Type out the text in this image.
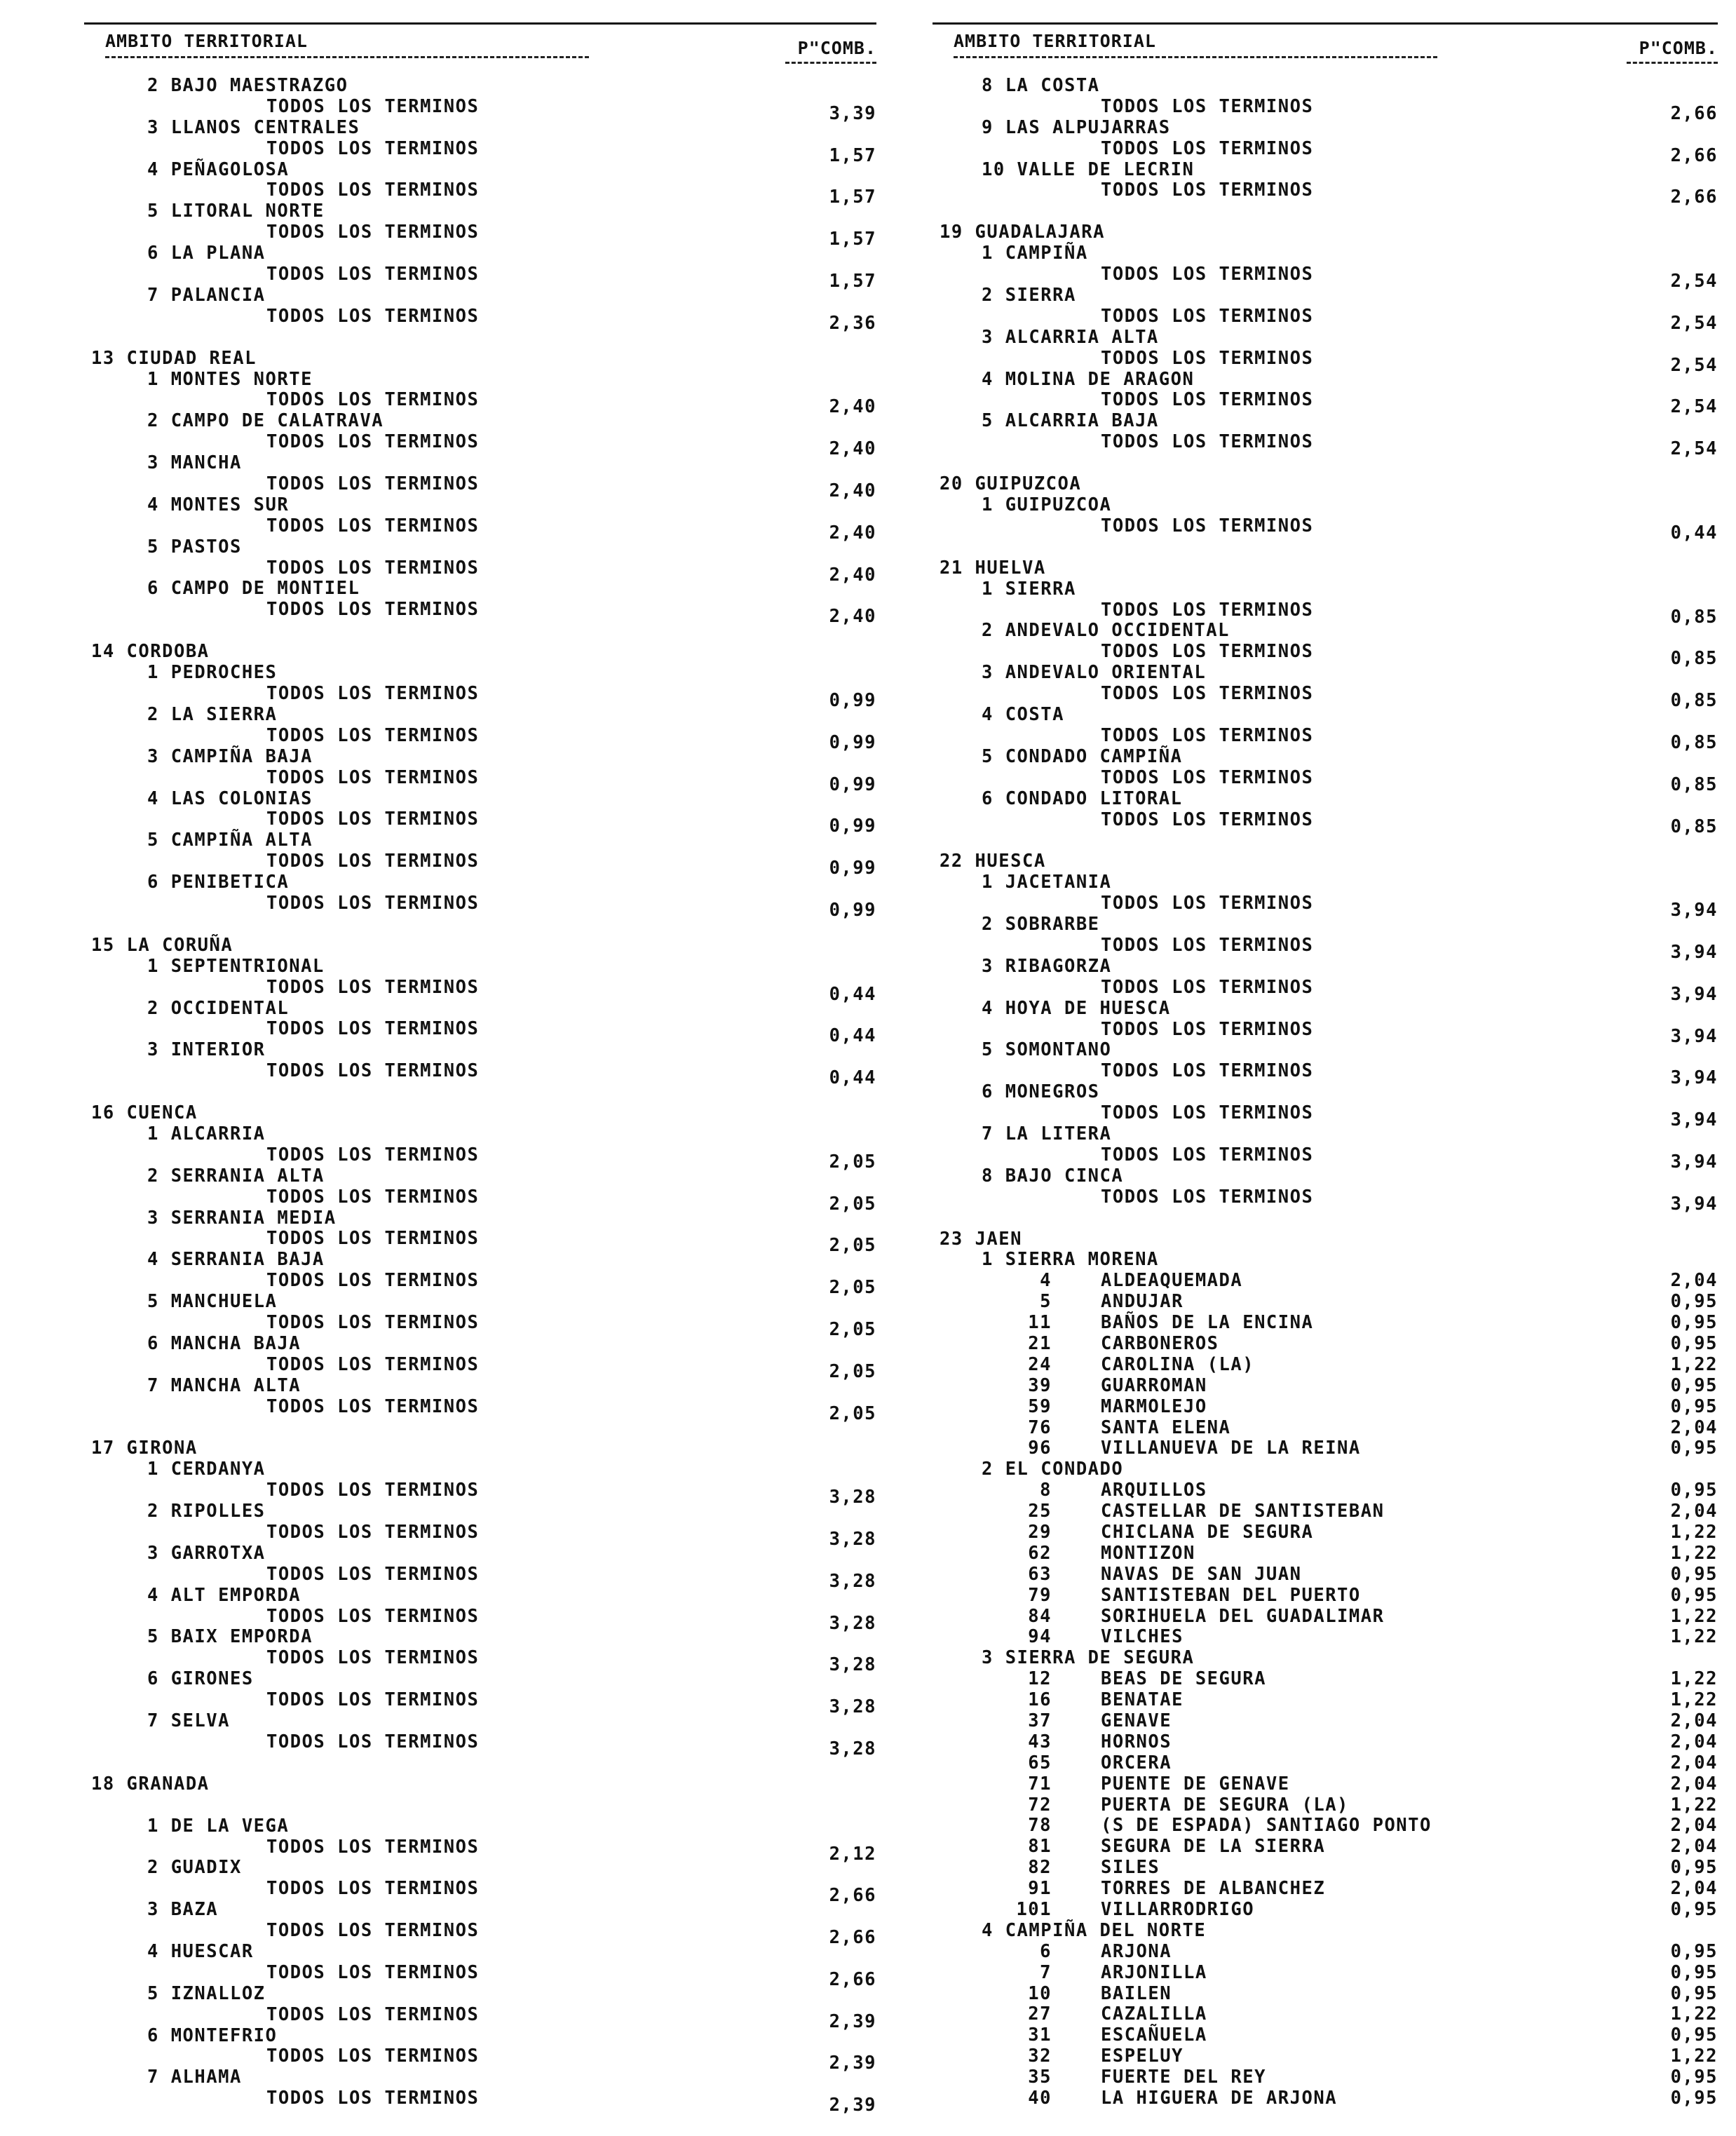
AMBITO TERRITORIAL	P"COMB.
2 BAJO MAESTRAZGO
TODOS LOS TERMINOS	3,39
3 LLANOS CENTRALES
TODOS LOS TERMINOS	1,57
4 PEÑAGOLOSA
TODOS LOS TERMINOS	1,57
5 LITORAL NORTE
TODOS LOS TERMINOS	1,57
6 LA PLANA
TODOS LOS TERMINOS	1,57
7 PALANCIA
TODOS LOS TERMINOS	2,36
13 CIUDAD REAL
1 MONTES NORTE
TODOS LOS TERMINOS	2,40
2 CAMPO DE CALATRAVA
TODOS LOS TERMINOS	2,40
3 MANCHA
TODOS LOS TERMINOS	2,40
4 MONTES SUR
TODOS LOS TERMINOS	2,40
5 PASTOS
TODOS LOS TERMINOS	2,40
6 CAMPO DE MONTIEL
TODOS LOS TERMINOS	2,40
14 CORDOBA
1 PEDROCHES
TODOS LOS TERMINOS	0,99
2 LA SIERRA
TODOS LOS TERMINOS	0,99
3 CAMPIÑA BAJA
TODOS LOS TERMINOS	0,99
4 LAS COLONIAS
TODOS LOS TERMINOS	0,99
5 CAMPIÑA ALTA
TODOS LOS TERMINOS	0,99
6 PENIBETICA
TODOS LOS TERMINOS	0,99
15 LA CORUÑA
1 SEPTENTRIONAL
TODOS LOS TERMINOS	0,44
2 OCCIDENTAL
TODOS LOS TERMINOS	0,44
3 INTERIOR
TODOS LOS TERMINOS	0,44
16 CUENCA
1 ALCARRIA
TODOS LOS TERMINOS	2,05
2 SERRANIA ALTA
TODOS LOS TERMINOS	2,05
3 SERRANIA MEDIA
TODOS LOS TERMINOS	2,05
4 SERRANIA BAJA
TODOS LOS TERMINOS	2,05
5 MANCHUELA
TODOS LOS TERMINOS	2,05
6 MANCHA BAJA
TODOS LOS TERMINOS	2,05
7 MANCHA ALTA
TODOS LOS TERMINOS	2,05
17 GIRONA
1 CERDANYA
TODOS LOS TERMINOS	3,28
2 RIPOLLES
TODOS LOS TERMINOS	3,28
3 GARROTXA
TODOS LOS TERMINOS	3,28
4 ALT EMPORDA
TODOS LOS TERMINOS	3,28
5 BAIX EMPORDA
TODOS LOS TERMINOS	3,28
6 GIRONES
TODOS LOS TERMINOS	3,28
7 SELVA
TODOS LOS TERMINOS	3,28
18 GRANADA
1 DE LA VEGA
TODOS LOS TERMINOS	2,12
2 GUADIX
TODOS LOS TERMINOS	2,66
3 BAZA
TODOS LOS TERMINOS	2,66
4 HUESCAR
TODOS LOS TERMINOS	2,66
5 IZNALLOZ
TODOS LOS TERMINOS	2,39
6 MONTEFRIO
TODOS LOS TERMINOS	2,39
7 ALHAMA
TODOS LOS TERMINOS	2,39
AMBITO TERRITORIAL	P"COMB.
8 LA COSTA
TODOS LOS TERMINOS	2,66
9 LAS ALPUJARRAS
TODOS LOS TERMINOS	2,66
10 VALLE DE LECRIN
TODOS LOS TERMINOS	2,66
19 GUADALAJARA
1 CAMPIÑA
TODOS LOS TERMINOS	2,54
2 SIERRA
TODOS LOS TERMINOS	2,54
3 ALCARRIA ALTA
TODOS LOS TERMINOS	2,54
4 MOLINA DE ARAGON
TODOS LOS TERMINOS	2,54
5 ALCARRIA BAJA
TODOS LOS TERMINOS	2,54
20 GUIPUZCOA
1 GUIPUZCOA
TODOS LOS TERMINOS	0,44
21 HUELVA
1 SIERRA
TODOS LOS TERMINOS	0,85
2 ANDEVALO OCCIDENTAL
TODOS LOS TERMINOS	0,85
3 ANDEVALO ORIENTAL
TODOS LOS TERMINOS	0,85
4 COSTA
TODOS LOS TERMINOS	0,85
5 CONDADO CAMPIÑA
TODOS LOS TERMINOS	0,85
6 CONDADO LITORAL
TODOS LOS TERMINOS	0,85
22 HUESCA
1 JACETANIA
TODOS LOS TERMINOS	3,94
2 SOBRARBE
TODOS LOS TERMINOS	3,94
3 RIBAGORZA
TODOS LOS TERMINOS	3,94
4 HOYA DE HUESCA
TODOS LOS TERMINOS	3,94
5 SOMONTANO
TODOS LOS TERMINOS	3,94
6 MONEGROS
TODOS LOS TERMINOS	3,94
7 LA LITERA
TODOS LOS TERMINOS	3,94
8 BAJO CINCA
TODOS LOS TERMINOS	3,94
23 JAEN
1 SIERRA MORENA
4	ALDEAQUEMADA	2,04
5	ANDUJAR	0,95
11	BAÑOS DE LA ENCINA	0,95
21	CARBONEROS	0,95
24	CAROLINA (LA)	1,22
39	GUARROMAN	0,95
59	MARMOLEJO	0,95
76	SANTA ELENA	2,04
96	VILLANUEVA DE LA REINA	0,95
2 EL CONDADO
8	ARQUILLOS	0,95
25	CASTELLAR DE SANTISTEBAN	2,04
29	CHICLANA DE SEGURA	1,22
62	MONTIZON	1,22
63	NAVAS DE SAN JUAN	0,95
79	SANTISTEBAN DEL PUERTO	0,95
84	SORIHUELA DEL GUADALIMAR	1,22
94	VILCHES	1,22
3 SIERRA DE SEGURA
12	BEAS DE SEGURA	1,22
16	BENATAE	1,22
37	GENAVE	2,04
43	HORNOS	2,04
65	ORCERA	2,04
71	PUENTE DE GENAVE	2,04
72	PUERTA DE SEGURA (LA)	1,22
78	(S DE ESPADA) SANTIAGO PONTO	2,04
81	SEGURA DE LA SIERRA	2,04
82	SILES	0,95
91	TORRES DE ALBANCHEZ	2,04
101	VILLARRODRIGO	0,95
4 CAMPIÑA DEL NORTE
6	ARJONA	0,95
7	ARJONILLA	0,95
10	BAILEN	0,95
27	CAZALILLA	1,22
31	ESCAÑUELA	0,95
32	ESPELUY	1,22
35	FUERTE DEL REY	0,95
40	LA HIGUERA DE ARJONA	0,95
